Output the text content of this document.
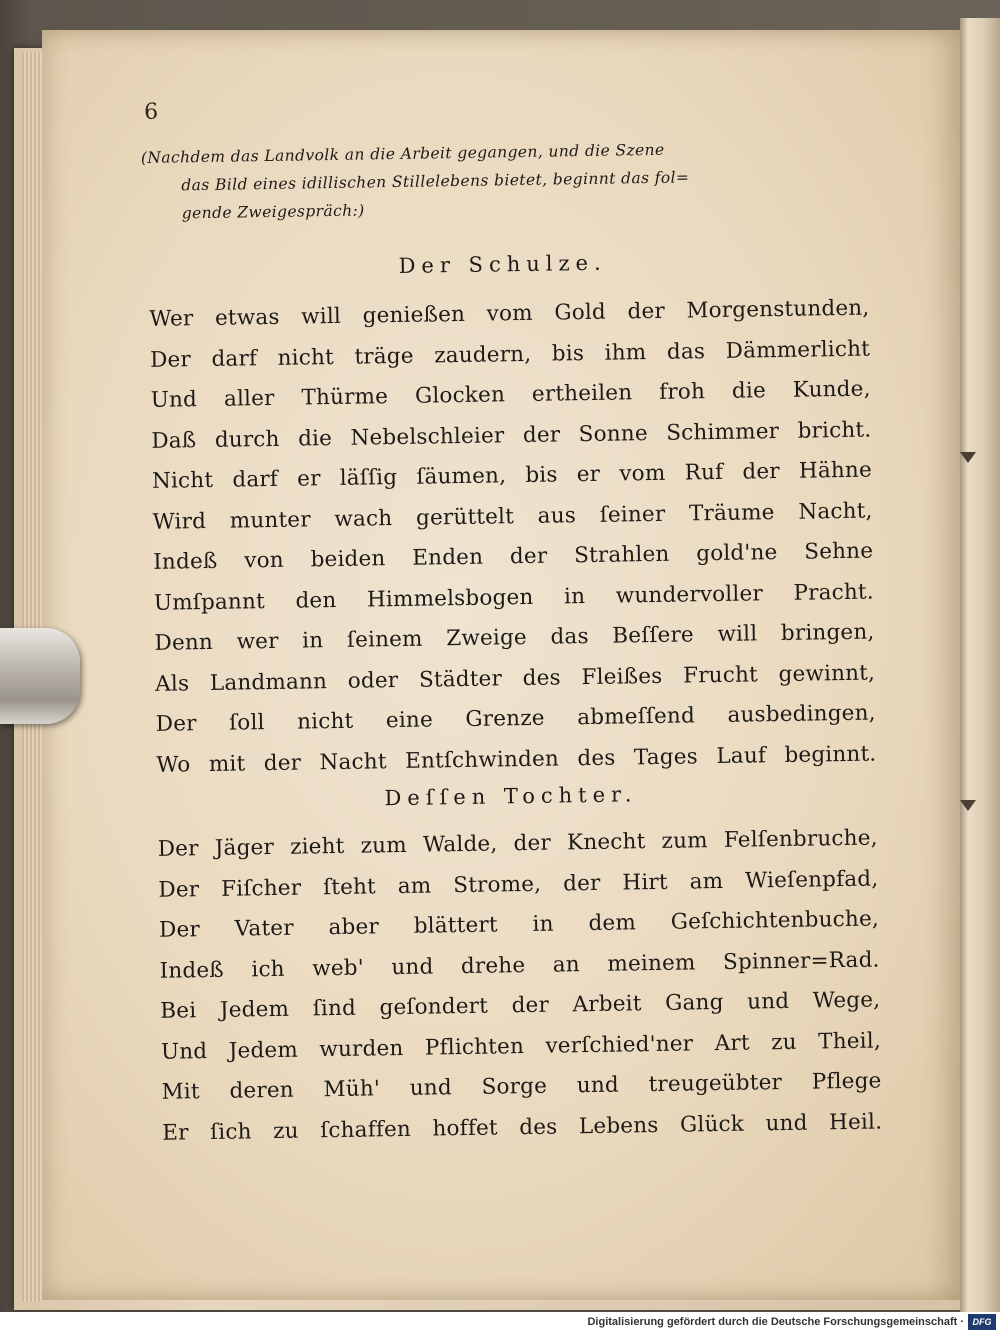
6
(Nachdem das Landvolk an die Arbeit gegangen, und die Szene
das Bild eines idillischen Stillelebens bietet, beginnt das fol=
gende Zweigespräch:)
Der Schulze.
Wer etwas will genießen vom Gold der Morgenstunden,
Der darf nicht träge zaudern, bis ihm das Dämmerlicht
Und aller Thürme Glocken ertheilen froh die Kunde,
Daß durch die Nebelschleier der Sonne Schimmer bricht.
Nicht darf er läſſig ſäumen, bis er vom Ruf der Hähne
Wird munter wach gerüttelt aus ſeiner Träume Nacht,
Indeß von beiden Enden der Strahlen gold'ne Sehne
Umſpannt den Himmelsbogen in wundervoller Pracht.
Denn wer in ſeinem Zweige das Beſſere will bringen,
Als Landmann oder Städter des Fleißes Frucht gewinnt,
Der ſoll nicht eine Grenze abmeſſend ausbedingen,
Wo mit der Nacht Entſchwinden des Tages Lauf beginnt.
Deſſen Tochter.
Der Jäger zieht zum Walde, der Knecht zum Felſenbruche,
Der Fiſcher ſteht am Strome, der Hirt am Wieſenpfad,
Der Vater aber blättert in dem Geſchichtenbuche,
Indeß ich web' und drehe an meinem Spinner=Rad.
Bei Jedem ſind geſondert der Arbeit Gang und Wege,
Und Jedem wurden Pflichten verſchied'ner Art zu Theil,
Mit deren Müh' und Sorge und treugeübter Pflege
Er ſich zu ſchaffen hoffet des Lebens Glück und Heil.
Digitalisierung gefördert durch die Deutsche Forschungsgemeinschaft · DFG
